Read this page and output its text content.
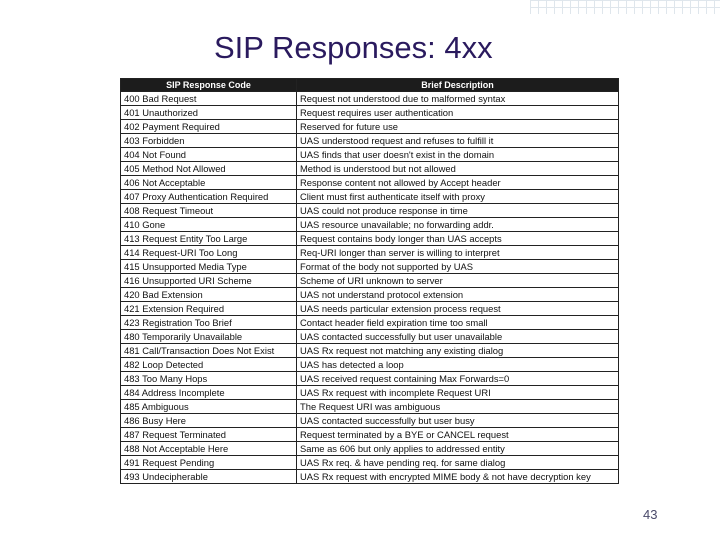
SIP Responses: 4xx
SIP Response Code	Brief Description
400 Bad Request	Request not understood due to malformed syntax
401 Unauthorized	Request requires user authentication
402 Payment Required	Reserved for future use
403 Forbidden	UAS understood request and refuses to fulfill it
404 Not Found	UAS finds that user doesn't exist in the domain
405 Method Not Allowed	Method is understood but not allowed
406 Not Acceptable	Response content not allowed by Accept header
407 Proxy Authentication Required	Client must first authenticate itself with proxy
408 Request Timeout	UAS could not produce response in time
410 Gone	UAS resource unavailable; no forwarding addr.
413 Request Entity Too Large	Request contains body longer than UAS accepts
414 Request-URI Too Long	Req-URI longer than server is willing to interpret
415 Unsupported Media Type	Format of the body not supported by UAS
416 Unsupported URI Scheme	Scheme of URI unknown to server
420 Bad Extension	UAS not understand protocol extension
421 Extension Required	UAS needs particular extension process request
423 Registration Too Brief	Contact header field expiration time too small
480 Temporarily Unavailable	UAS contacted successfully but user unavailable
481 Call/Transaction Does Not Exist	UAS Rx request not matching any existing dialog
482 Loop Detected	UAS has detected a loop
483 Too Many Hops	UAS received request containing Max Forwards=0
484 Address Incomplete	UAS Rx request with incomplete Request URI
485 Ambiguous	The Request URI was ambiguous
486 Busy Here	UAS contacted successfully but user busy
487 Request Terminated	Request terminated by a BYE or CANCEL request
488 Not Acceptable Here	Same as 606 but only applies to addressed entity
491 Request Pending	UAS Rx req. & have pending req. for same dialog
493 Undecipherable	UAS Rx request with encrypted MIME body & not have decryption key
43
